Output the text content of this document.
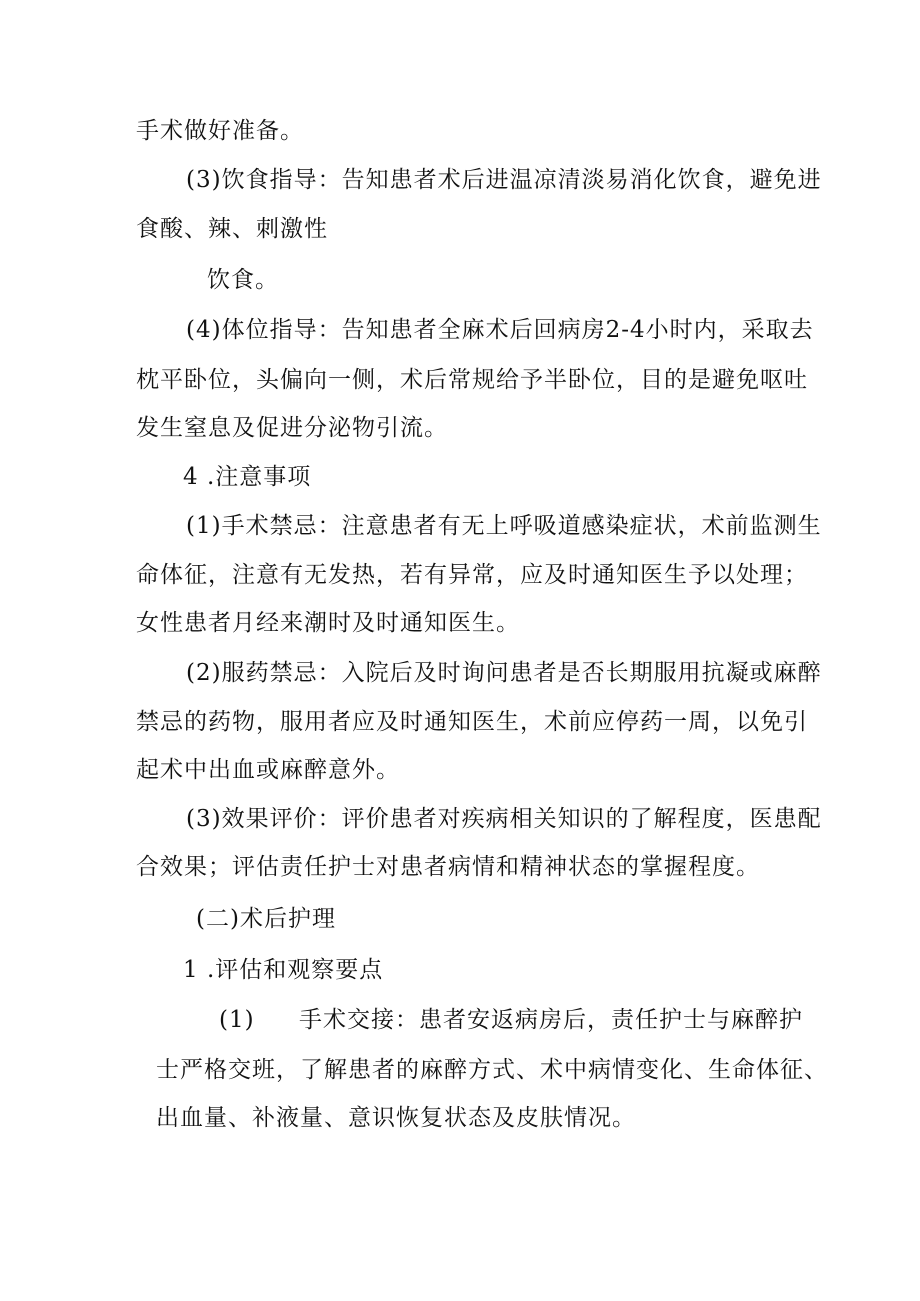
手术做好准备。
(3)饮食指导：告知患者术后进温凉清淡易消化饮食，避免进
食酸、辣、刺激性
饮食。
(4)体位指导：告知患者全麻术后回病房2-4小时内，采取去
枕平卧位，头偏向一侧，术后常规给予半卧位，目的是避免呕吐
发生窒息及促进分泌物引流。
4 .注意事项
(1)手术禁忌：注意患者有无上呼吸道感染症状，术前监测生
命体征，注意有无发热，若有异常，应及时通知医生予以处理；
女性患者月经来潮时及时通知医生。
(2)服药禁忌：入院后及时询问患者是否长期服用抗凝或麻醉
禁忌的药物，服用者应及时通知医生，术前应停药一周，以免引
起术中出血或麻醉意外。
(3)效果评价：评价患者对疾病相关知识的了解程度，医患配
合效果；评估责任护士对患者病情和精神状态的掌握程度。
(二)术后护理
1 .评估和观察要点
(1) 手术交接：患者安返病房后，责任护士与麻醉护
士严格交班，了解患者的麻醉方式、术中病情变化、生命体征、
出血量、补液量、意识恢复状态及皮肤情况。
